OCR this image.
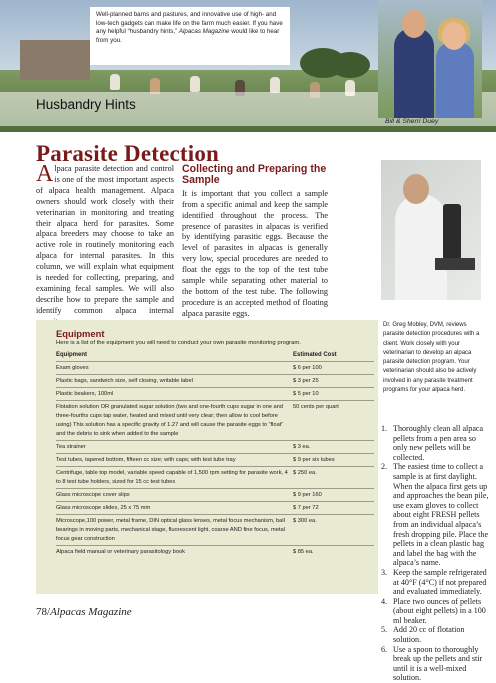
Well-planned barns and pastures, and innovative use of high- and low-tech gadgets can make life on the farm much easier. If you have any helpful “husbandry hints,” Alpacas Magazine would like to hear from you.
Husbandry Hints
Bill & Sherri Duey
Parasite Detection
Alpaca parasite detection and control is one of the most important aspects of alpaca health management. Alpaca owners should work closely with their veterinarian in monitoring and treating their alpaca herd for parasites. Some alpaca breeders may choose to take an active role in routinely monitoring each alpaca for internal parasites. In this column, we will explain what equipment is needed for collecting, preparing, and examining fecal samples. We will also describe how to prepare the sample and identify common alpaca internal
Collecting and Preparing the Sample

It is important that you collect a sample from a specific animal and keep the sample identified throughout the process. The presence of parasites in alpacas is verified by identifying parasitic eggs. Because the level of parasites in alpacas is generally very low, special procedures are needed to float the eggs to the top of the test tube sample while separating other material to the bottom of the test tube. The following procedure is an accepted method of floating alpaca parasite eggs.

Dr. Greg Mobley, DVM, reviews parasite detection procedures with a client. Work closely with your veterinarian to develop an alpaca parasite detection program. Your veterinarian should also be actively involved in any parasite treatment programs for your alpaca herd.
Equipment
Here is a list of the equipment you will need to conduct your own parasite monitoring program.
Equipment	Estimated Cost
Exam gloves	$ 6 per 100
Plastic bags, sandwich size, self closing, writable label	$ 3 per 25
Plastic beakers, 100ml	$ 5 per 10
Flotation solution OR granulated sugar solution (two and one-fourth cups sugar in one and three-fourths cups tap water, heated and mixed until very clear; then allow to cool before using) This solution has a specific gravity of 1.27 and will cause the parasite eggs to “float” and the debris to sink when added to the sample
50 cents per quart
Tea strainer	$ 3 ea.
Test tubes, tapered bottom, fifteen cc size; with caps; with test tube tray	$ 9 per six tubes
Centrifuge, table top model, variable speed capable of 1,500 rpm setting for parasite work, 4 to 8 test tube holders, sized for 15 cc test tubes
$ 250 ea.
Glass microscope cover slips	$ 9 per 160
Glass microscope slides, 25 x 75 mm	$ 7 per 72
Microscope,100 power, metal frame, DIN optical glass lenses, metal focus mechanism, ball bearings in moving parts, mechanical stage, fluorescent light, coarse AND fine focus, metal focus gear construction
$ 300 ea.
Alpaca field manual or veterinary parasitology book	$ 85 ea.
1. Thoroughly clean all alpaca pellets from a pen area so only new pellets will be collected.
2. The easiest time to collect a sample is at first daylight. When the alpaca first gets up and approaches the bean pile, use exam gloves to collect about eight FRESH pellets from an individual alpaca’s fresh dropping pile. Place the pellets in a clean plastic bag and label the bag with the alpaca’s name.
3. Keep the sample refrigerated at 40°F (4°C) if not prepared and evaluated immediately.
4. Place two ounces of pellets (about eight pellets) in a 100 ml beaker.
5. Add 20 cc of flotation solution.
6. Use a spoon to thoroughly break up the pellets and stir until it is a well-mixed solution.
78/Alpacas Magazine
